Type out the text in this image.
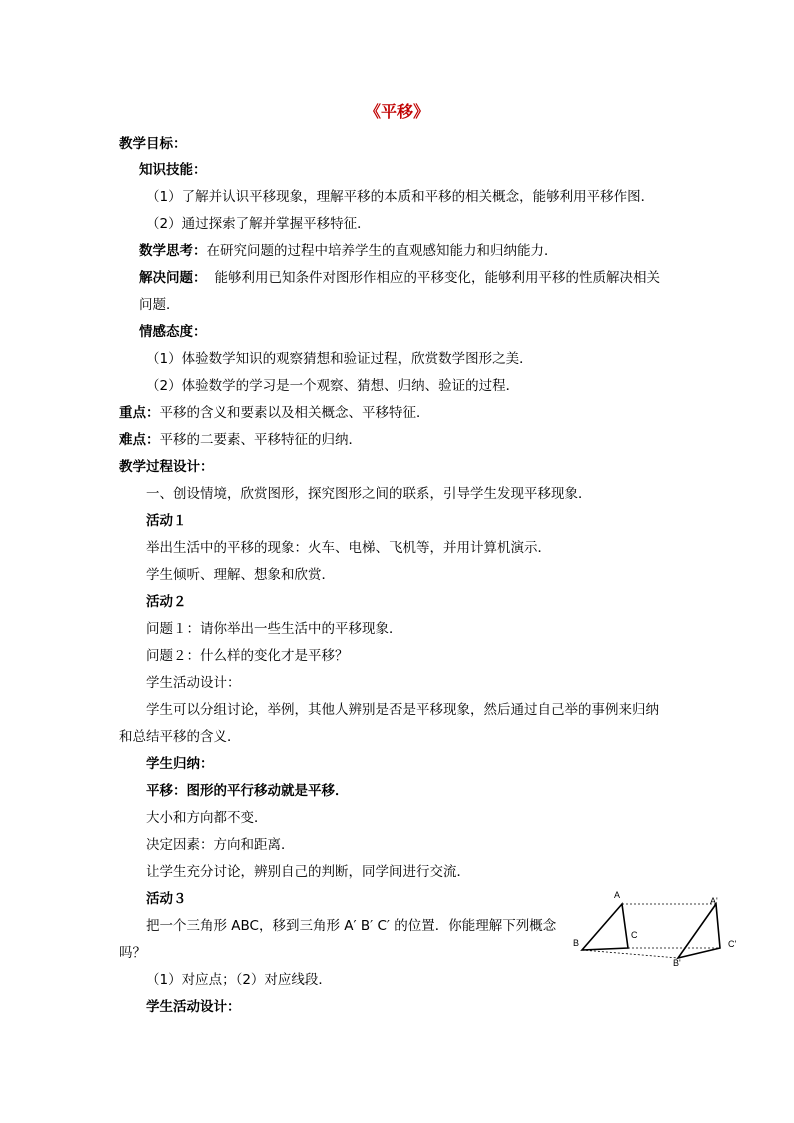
《平移》
教学目标：
知识技能：
（1）了解并认识平移现象，理解平移的本质和平移的相关概念，能够利用平移作图．
（2）通过探索了解并掌握平移特征．
数学思考：在研究问题的过程中培养学生的直观感知能力和归纳能力．
解决问题： 能够利用已知条件对图形作相应的平移变化，能够利用平移的性质解决相关
问题．
情感态度：
（1）体验数学知识的观察猜想和验证过程，欣赏数学图形之美．
（2）体验数学的学习是一个观察、猜想、归纳、验证的过程．
重点：平移的含义和要素以及相关概念、平移特征．
难点：平移的二要素、平移特征的归纳．
教学过程设计：
一、创设情境，欣赏图形，探究图形之间的联系，引导学生发现平移现象．
活动１
举出生活中的平移的现象：火车、电梯、飞机等，并用计算机演示．
学生倾听、理解、想象和欣赏．
活动２
问题１：请你举出一些生活中的平移现象．
问题２：什么样的变化才是平移？
学生活动设计：
学生可以分组讨论，举例，其他人辨别是否是平移现象，然后通过自己举的事例来归纳
和总结平移的含义．
学生归纳：
平移：图形的平行移动就是平移．
大小和方向都不变．
决定因素：方向和距离．
让学生充分讨论，辨别自己的判断，同学间进行交流．
活动３
把一个三角形 ABC，移到三角形 A′ B′ C′ 的位置．你能理解下列概念
吗？
（1）对应点；（2）对应线段．
学生活动设计：
A
B
C
A'
B'
C'
